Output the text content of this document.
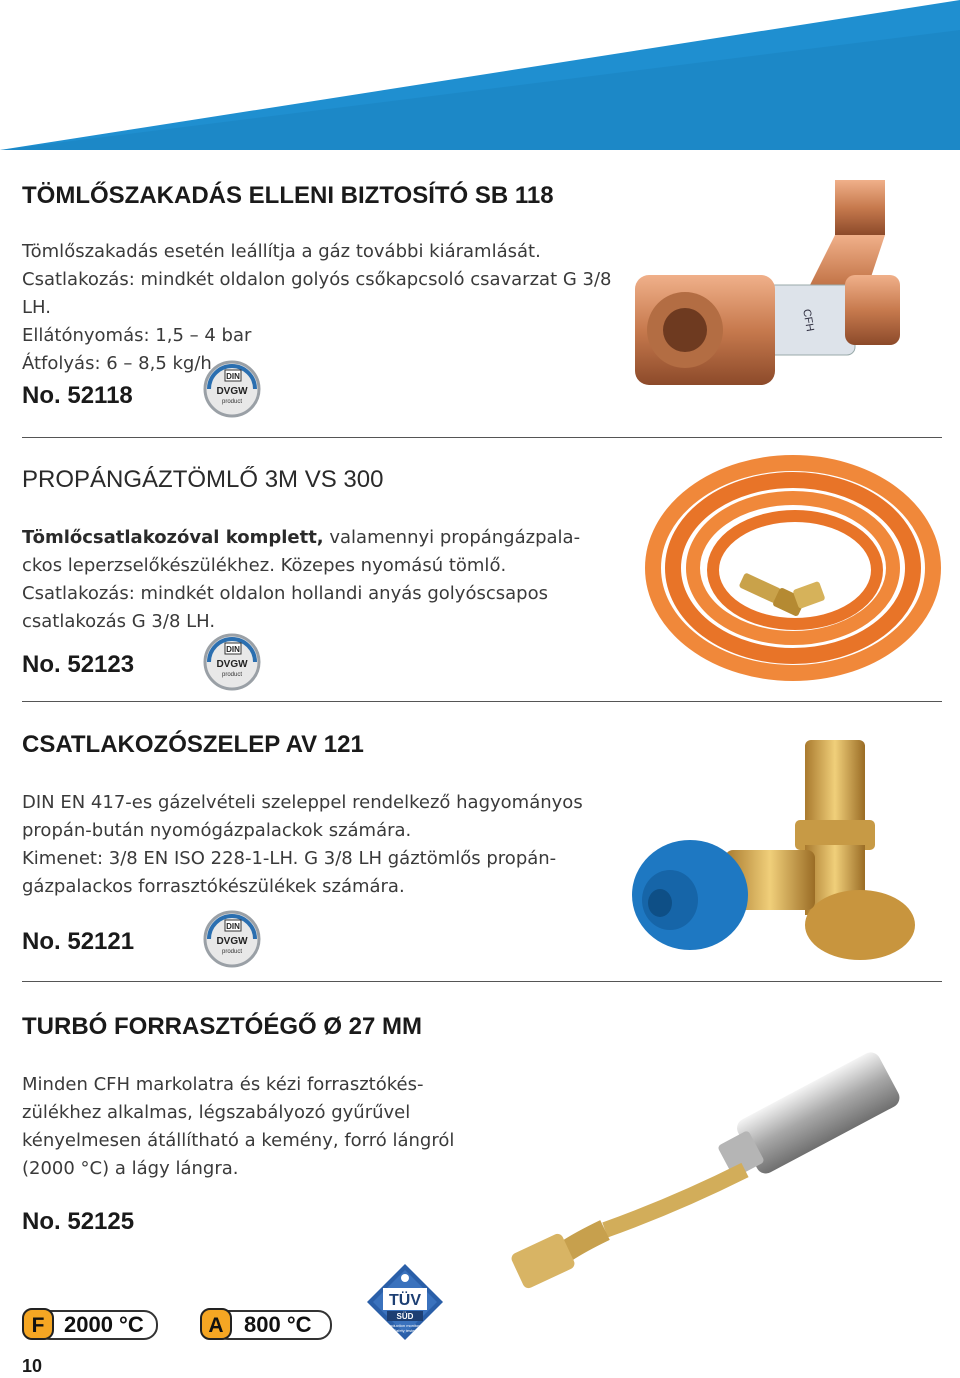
TÖMLŐSZAKADÁS ELLENI BIZTOSÍTÓ SB 118

Tömlőszakadás esetén leállítja a gáz további kiáramlását.

Csatlakozás: mindkét oldalon golyós csőkapcsoló csavarzat G 3/8 LH.

Ellátónyomás: 1,5 – 4 bar

Átfolyás: 6 – 8,5 kg/h

No. 52118
DIN
DVGW
product
CFH
PROPÁNGÁZTÖMLŐ 3M VS 300

Tömlőcsatlakozóval komplett, valamennyi propángázpala-

ckos leperzselőkészülékhez. Közepes nyomású tömlő.

Csatlakozás: mindkét oldalon hollandi anyás golyóscsapos

csatlakozás G 3/8 LH.

No. 52123
DIN
DVGW
product
CSATLAKOZÓSZELEP AV 121

DIN EN 417-es gázelvételi szeleppel rendelkező hagyományos

propán-bután nyomógázpalackok számára.

Kimenet: 3/8 EN ISO 228-1-LH. G 3/8 LH gáztömlős propán-

gázpalackos forrasztókészülékek számára.

No. 52121
DIN
DVGW
product
TURBÓ FORRASZTÓÉGŐ Ø 27 MM

Minden CFH markolatra és kézi forrasztókés-

zülékhez alkalmas, légszabályozó gyűrűvel

kényelmesen átállítható a kemény, forró lángról

(2000 °C) a lágy lángra.

No. 52125
F 2000 °C	A 800 °C
TÜV
SÜD
Production monitored
Safety tested
10
